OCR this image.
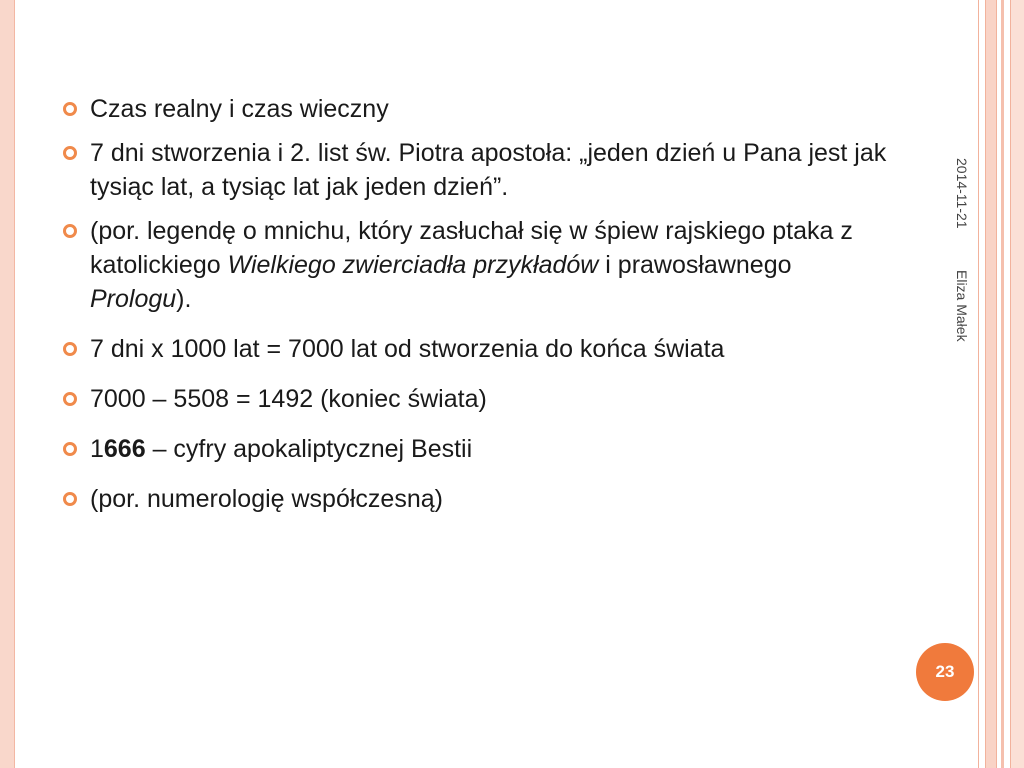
Czas realny i czas wieczny
7 dni stworzenia i 2. list św. Piotra apostoła: „jeden dzień u Pana jest jak tysiąc lat, a tysiąc lat jak jeden dzień”.
(por. legendę o mnichu, który zasłuchał się w śpiew rajskiego ptaka z katolickiego Wielkiego zwierciadła przykładów i prawosławnego Prologu).
7 dni x 1000 lat = 7000 lat od stworzenia do końca świata
7000 – 5508 = 1492 (koniec świata)
1666 – cyfry apokaliptycznej Bestii
(por. numerologię współczesną)
2014-11-21
Eliza Małek
23
